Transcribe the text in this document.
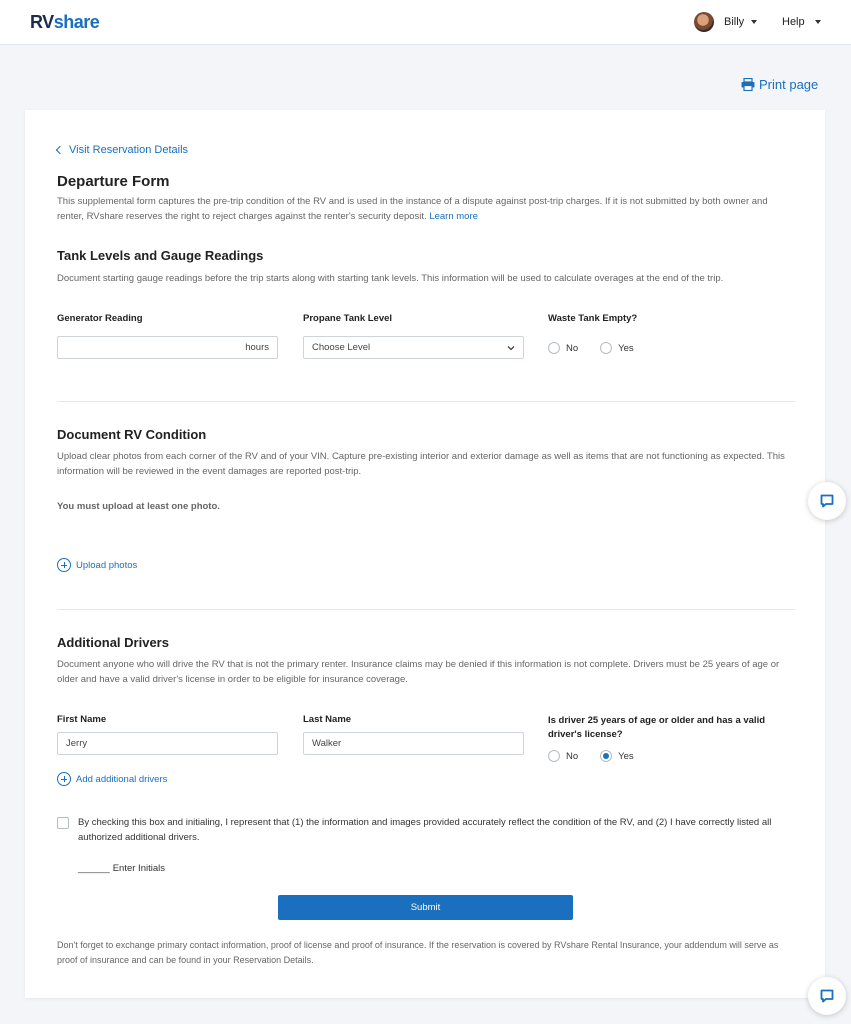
RVshare	Billy	Help
Print page
Visit Reservation Details
Departure Form

This supplemental form captures the pre-trip condition of the RV and is used in the instance of a dispute against post-trip charges. If it is not submitted by both owner and renter, RVshare reserves the right to reject charges against the renter's security deposit. Learn more

Tank Levels and Gauge Readings

Document starting gauge readings before the trip starts along with starting tank levels. This information will be used to calculate overages at the end of the trip.

Generator Reading
hours
Propane Tank Level
Choose Level
Waste Tank Empty?
No	Yes
Document RV Condition

Upload clear photos from each corner of the RV and of your VIN. Capture pre-existing interior and exterior damage as well as items that are not functioning as expected. This information will be reviewed in the event damages are reported post-trip.

You must upload at least one photo.
Upload photos
Additional Drivers

Document anyone who will drive the RV that is not the primary renter. Insurance claims may be denied if this information is not complete. Drivers must be 25 years of age or older and have a valid driver's license in order to be eligible for insurance coverage.

First Name
Jerry
Last Name
Walker
Is driver 25 years of age or older and has a valid driver's license?
No	Yes
Add additional drivers

By checking this box and initialing, I represent that (1) the information and images provided accurately reflect the condition of the RV, and (2) I have correctly listed all authorized additional drivers.

______ Enter Initials
Submit

Don't forget to exchange primary contact information, proof of license and proof of insurance. If the reservation is covered by RVshare Rental Insurance, your addendum will serve as proof of insurance and can be found in your Reservation Details.
